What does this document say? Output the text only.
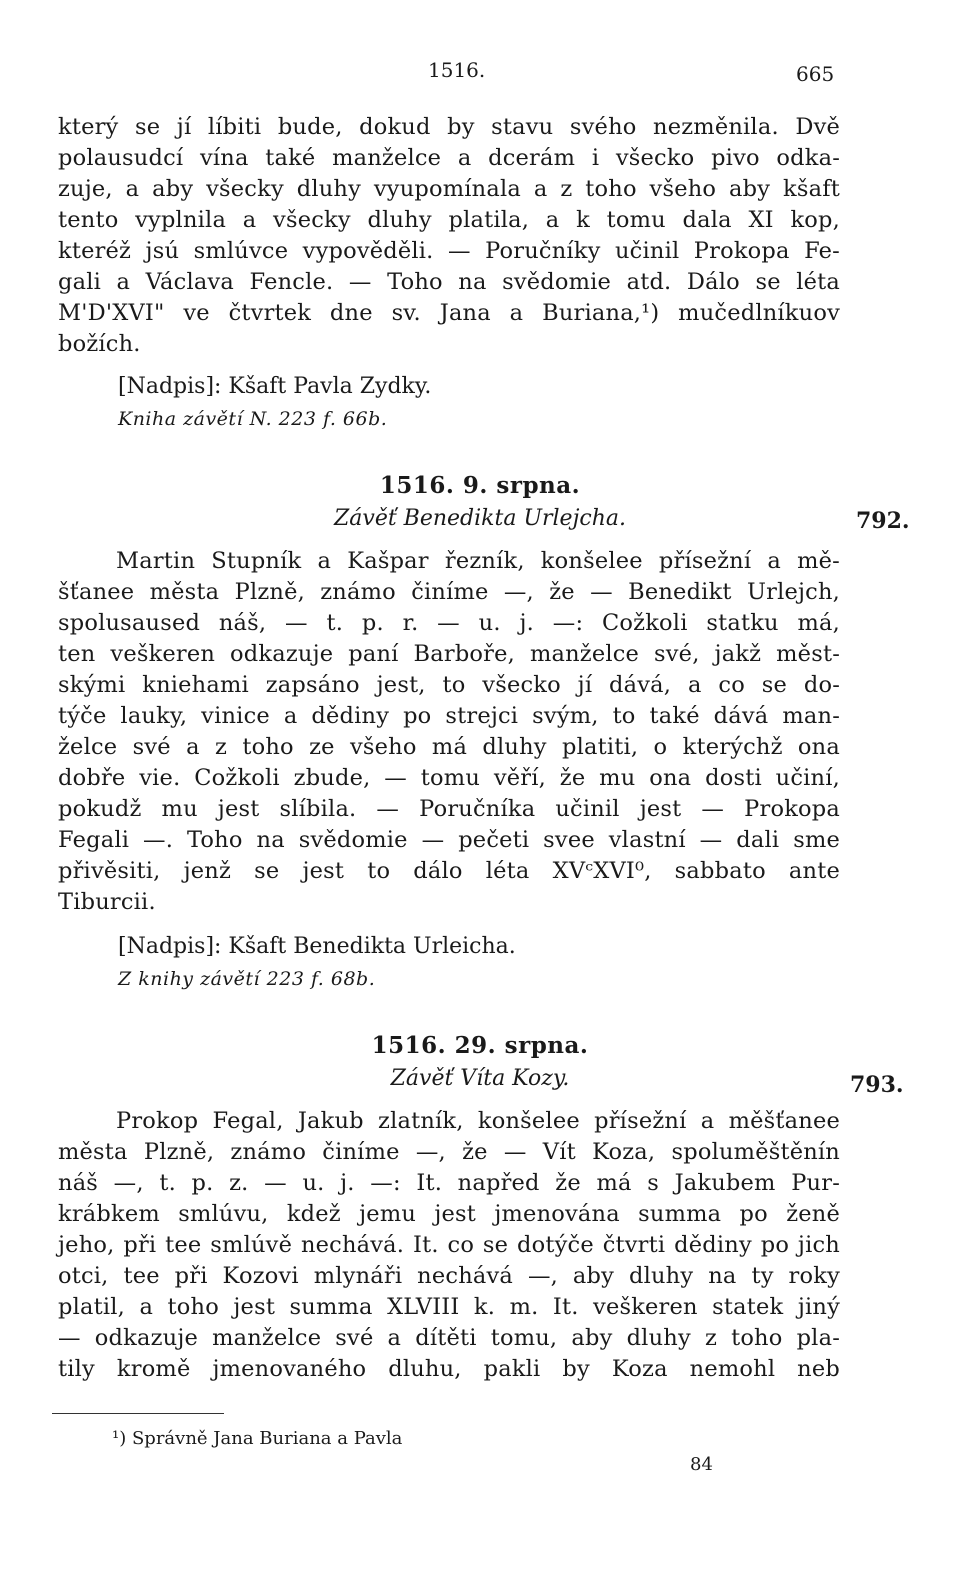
1516.	665
který se jí líbiti bude, dokud by stavu svého nezměnila. Dvě
polausudcí vína také manželce a dcerám i všecko pivo odka-
zuje, a aby všecky dluhy vyupomínala a z toho všeho aby kšaft
tento vyplnila a všecky dluhy platila, a k tomu dala XI kop,
kteréž jsú smlúvce vypověděli. — Poručníky učinil Prokopa Fe-
gali a Václava Fencle. — Toho na svědomie atd. Dálo se léta
M'D'XVI" ve čtvrtek dne sv. Jana a Buriana,¹) mučedlníkuov
božích.
[Nadpis]: Kšaft Pavla Zydky.
Kniha závětí N. 223 f. 66b.
1516. 9. srpna.
Závěť Benedikta Urlejcha.	792.
Martin Stupník a Kašpar řezník, konšelee přísežní a mě-
šťanee města Plzně, známo činíme —, že — Benedikt Urlejch,
spolusaused náš, — t. p. r. — u. j. —: Cožkoli statku má,
ten veškeren odkazuje paní Barboře, manželce své, jakž měst-
skými kniehami zapsáno jest, to všecko jí dává, a co se do-
týče lauky, vinice a dědiny po strejci svým, to také dává man-
želce své a z toho ze všeho má dluhy platiti, o kterýchž ona
dobře vie. Cožkoli zbude, — tomu věří, že mu ona dosti učiní,
pokudž mu jest slíbila. — Poručníka učinil jest — Prokopa
Fegali —. Toho na svědomie — pečeti svee vlastní — dali sme
přivěsiti, jenž se jest to dálo léta XVᶜXVI⁰, sabbato ante
Tiburcii.
[Nadpis]: Kšaft Benedikta Urleicha.
Z knihy závětí 223 f. 68b.
1516. 29. srpna.
Závěť Víta Kozy.	793.
Prokop Fegal, Jakub zlatník, konšelee přísežní a měšťanee
města Plzně, známo činíme —, že — Vít Koza, spoluměštěnín
náš —, t. p. z. — u. j. —: It. napřed že má s Jakubem Pur-
krábkem smlúvu, kdež jemu jest jmenována summa po ženě
jeho, při tee smlúvě nechává. It. co se dotýče čtvrti dědiny po jich
otci, tee při Kozovi mlynáři nechává —, aby dluhy na ty roky
platil, a toho jest summa XLVIII k. m. It. veškeren statek jiný
— odkazuje manželce své a dítěti tomu, aby dluhy z toho pla-
tily kromě jmenovaného dluhu, pakli by Koza nemohl neb
¹) Správně Jana Buriana a Pavla
84
